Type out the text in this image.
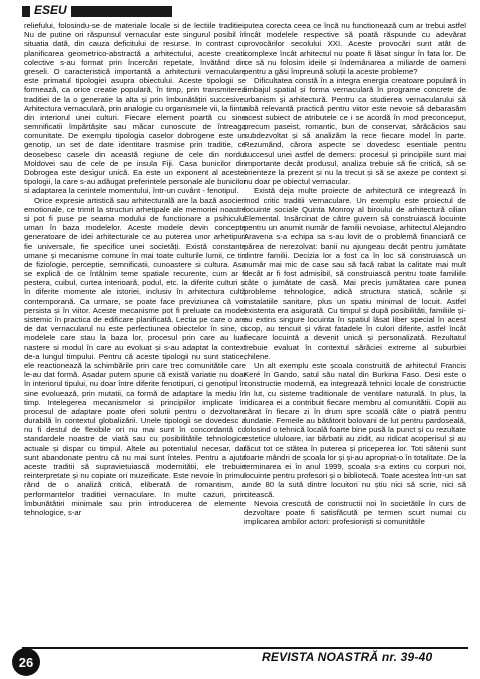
ESEU

reliefului, folosindu-se de materiale locale si de lectiile traditiei. Nu de putine ori răspunsul vernacular este singurul posibil în situatia dată, din cauza deficitului de resurse. In contrast cu planificarea geometrico-abstractă a arhitectului, aceste creatii colective s-au format prin încercări repetate, învătând din greseli. O caracteristică importantă a arhitecturii vernaculare este primatul tipologiei asupra obiectului. Aceste tipologii se formează, ca orice creatie populară, în timp, prin transmiterea traditiei de la o generatie la alta și prin îmbunătățiri succesive. Arhitectura vernaculară, prin analogie cu organismele vii, la fiinta din interiorul unei culturi. Fiecare element poartă cu sine semnificatii împărtășite sau măcar cunoscute de întreaga comunitate. De exemplu tipologia caselor dobrogene este un genotip, un set de date identitare trasmise prin traditie, ce deosebesc casele din această regiune de cele din nordul Moldovei sau de cele de pe insula Fiji. Casa bunicilor din Dobrogea este desigur unică. Ea este un exponent al acestei tipologii, la care s-au adăugat preferintele personale ale bunicilor si adaptarea la cerintele momentului, într-un cuvânt - fenotipul.

Orice expresie artistică sau arhitecturală are la bază asocieri emotionale, ce trimit la structuri arhetipale ale memoriei noastre si pot fi puse pe seama modului de functionare a psihicului uman în baza modelelor. Aceste modele devin concepte generatoare de idei arhitecturale ce au puterea unor arhetipuri fie universale, fie specifice unei societăți. Există constante umane și mecanisme comune în mai toate culturile lumii, ce tin de fiziologie, perceptie, semnificatii, cunoastere si cultura. Asa se explică de ce întâlnim teme spatiale recurente, cum ar fi pestera, cuibul, curtea interioară, podul, etc. la diferite culturi și în diferite momente ale istoriei, inclusiv în arhitectura cultă contemporană. Ca urmare, se poate face previziunea că vor persista și în viitor. Aceste mecanisme pot fi preluate ca model sistemic în practica de edificare planificată. Lectia pe care o are de dat vernacularul nu este perfectiunea obiectelor în sine, ci modelele care stau la baza lor, procesul prin care au luat nastere si modul în care au evoluat și s-au adaptat la context de-a lungul timpului. Pentru că aceste tipologii nu sunt statice, ele reactionează la schimbările prin care trec comunitătile care le-au dat formă. Asadar putem spune că există variatie nu doar în interiorul tipului, nu doar între diferite fenotipuri, ci genotipul în sine evoluează, prin mutatii, ca formă de adaptare la mediu în timp. Intelegerea mecanismelor si principiilor implicate în procesul de adaptare poate oferi solutii pentru o dezvoltare durabilă în contextul globalizării. Unele tipologii se dovedesc a nu fi destul de flexibile ori nu mai sunt în concordantă cu standardele noastre de viată sau cu posibilitătile tehnologice actuale și dispar cu timpul. Altele au potentialul necesar, dar sunt abandonate pentru că nu mai sunt înteles. Pentru a ajuta aceste traditii să supravietuiască modernitătii, ele trebuie reinterpretate și nu copiate ori muzeificate. Este nevoie în primul rând de o analiză critică, eliberată de romantism, a performantelor traditiei vernaculare. In multe cazuri, prin îmbunătătiri minimale sau prin introducerea de elemente tehnologice, s-ar

putea corecta ceea ce încă nu functionează cum ar trebui astfel încât modelele respective să poată răspunde cu adevărat provocărilor secolului XXI. Aceste provocări sunt atât de complexe încât arhitectul nu poate fi lăsat singur în fata lor. De ce să nu folosim ideile și îndemânarea a miliarde de oameni pentru a găsi împreună soluții la aceste probleme?

Dificultatea constă în a integra energia creatoare populară în limbajul spatial și forma vernaculară în programe concrete de urbanism și arhitectură. Pentru ca studierea vernacularului să aibă relevantă practică pentru viitor este nevoie să debarasăm acest subiect de atributele ce i se acordă în mod preconceput, precum paseist, romantic, bun de conservat, sărăcăcios sau subdezvoltat și să analizăm la rece fiecare model în parte. Rezumând, cărora aspecte se dovedesc esentiale pentru succesul unei astfel de demers: procesul și principiile sunt mai importante decât produsul, analiza trebuie să fie critică, să se orienteze la prezent și nu la trecut și să se axeze pe context și nu doar pe obiectul vernacular.

Există deja multe proiecte de arhitectură ce integrează în mod critic traditii vernaculare. Un exemplu este proiectul de locuinte sociale Quinta Monroy al biroului de arhitectură cilian Elemental. Insărcinat de către guvern să construiască locuinte pentru un anumit număr de familii nevoiase, arhitectul Alejandro Aravena s-a echipa sa s-au lovit de o problemă financiară ce părea de nerezolvat: banii nu ajungeau decât pentru jumătate dintre familii. Decizia lor a fost ca în loc să construiască un număr mai mic de case sau să facă rabat la calitate mai mult decât ar fi fost admisibil, să construiască pentru toate familiile câte o jumătate de casă. Mai precis jumătatea care punea probleme tehnologice, adică structura statică, scările și instalatiile sanitare, plus un spatiu minimal de locuit. Astfel existenta era asigurată. Cu timpul și după posibilităti, familiile și-au extins singure locuinta în spatiul lăsat liber special în acest scop, au tencuit și vărat fatadele în culori diferite, astfel încât fiecare locuintă a devenit unică și personalizată. Rezultatul trebuie evaluat în contextul sărăciei extreme al suburbiei chilene.

Un alt exemplu este școala construită de arhitectul Francis Keré în Gando, satul său natal din Burkina Faso. Desi este o constructie modernă, ea integrează tehnici locale de constructie în lut, cu sisteme traditionale de ventilare naturală. In plus, la ridicarea ei a contribuit fiecare membru al comunitătii. Copiii au cărat în fiecare zi în drum spre școală câte o piatră pentru fundatie. Femeile au bătătorit bolovani de lut pentru pardoseală, folosind o tehnică locală foarte bine pusă la punct și cu rezultate estetice ululoare, iar bărbatii au zidit, au ridicat acoperisul și au făcut tot ce stătea în puterea și priceperea lor. Toti sătenii sunt foarte mândri de școala lor și și-au apropriat-o în totalitate. De la terminarea ei în anul 1999, școala s-a extins cu corpuri noi, locuinte pentru profesori și o bibliotecă. Toate acestea într-un sat unde 80 la sută dintre locuitori nu știu nici să scrie, nici să citească.

Nevoia crescută de constructii noi în societătile în curs de dezvoltare poate fi satisfăcută pe termen scurt numai cu implicarea ambilor actori: profesioniști si comunitătile

26	REVISTA NOASTRĂ nr. 39-40
